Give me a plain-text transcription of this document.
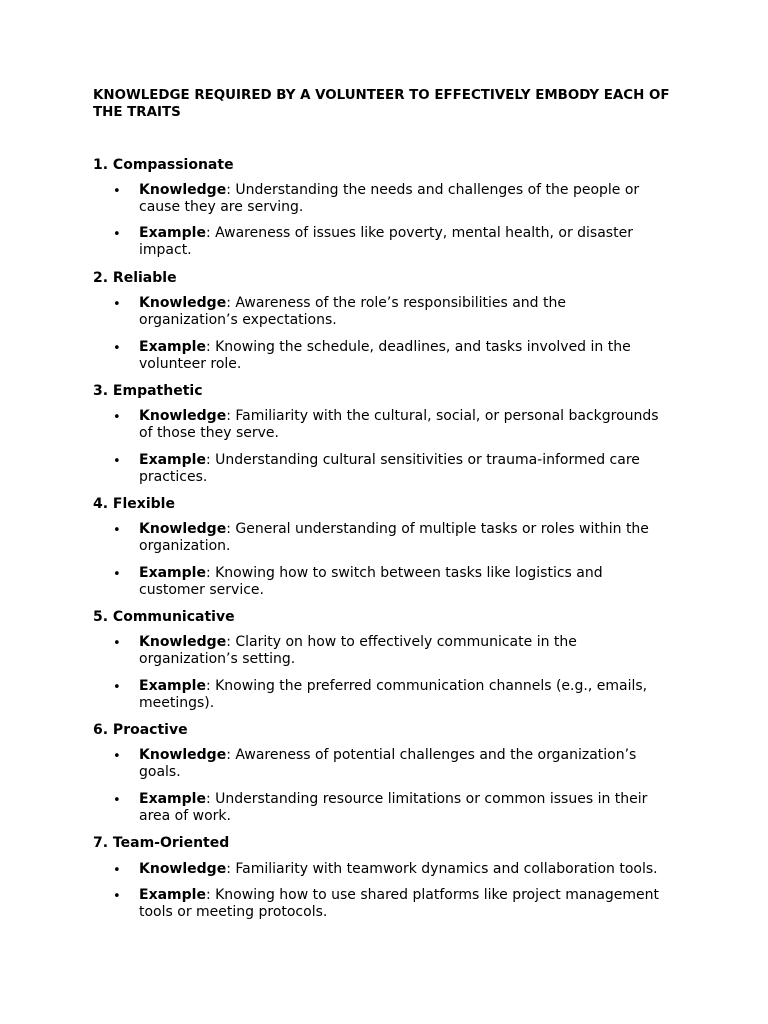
KNOWLEDGE REQUIRED BY A VOLUNTEER TO EFFECTIVELY EMBODY EACH OF THE TRAITS
1. Compassionate
• Knowledge: Understanding the needs and challenges of the people or cause they are serving.
• Example: Awareness of issues like poverty, mental health, or disaster impact.
2. Reliable
• Knowledge: Awareness of the role’s responsibilities and the organization’s expectations.
• Example: Knowing the schedule, deadlines, and tasks involved in the volunteer role.
3. Empathetic
• Knowledge: Familiarity with the cultural, social, or personal backgrounds of those they serve.
• Example: Understanding cultural sensitivities or trauma-informed care practices.
4. Flexible
• Knowledge: General understanding of multiple tasks or roles within the organization.
• Example: Knowing how to switch between tasks like logistics and customer service.
5. Communicative
• Knowledge: Clarity on how to effectively communicate in the organization’s setting.
• Example: Knowing the preferred communication channels (e.g., emails, meetings).
6. Proactive
• Knowledge: Awareness of potential challenges and the organization’s goals.
• Example: Understanding resource limitations or common issues in their area of work.
7. Team-Oriented
• Knowledge: Familiarity with teamwork dynamics and collaboration tools.
• Example: Knowing how to use shared platforms like project management tools or meeting protocols.
